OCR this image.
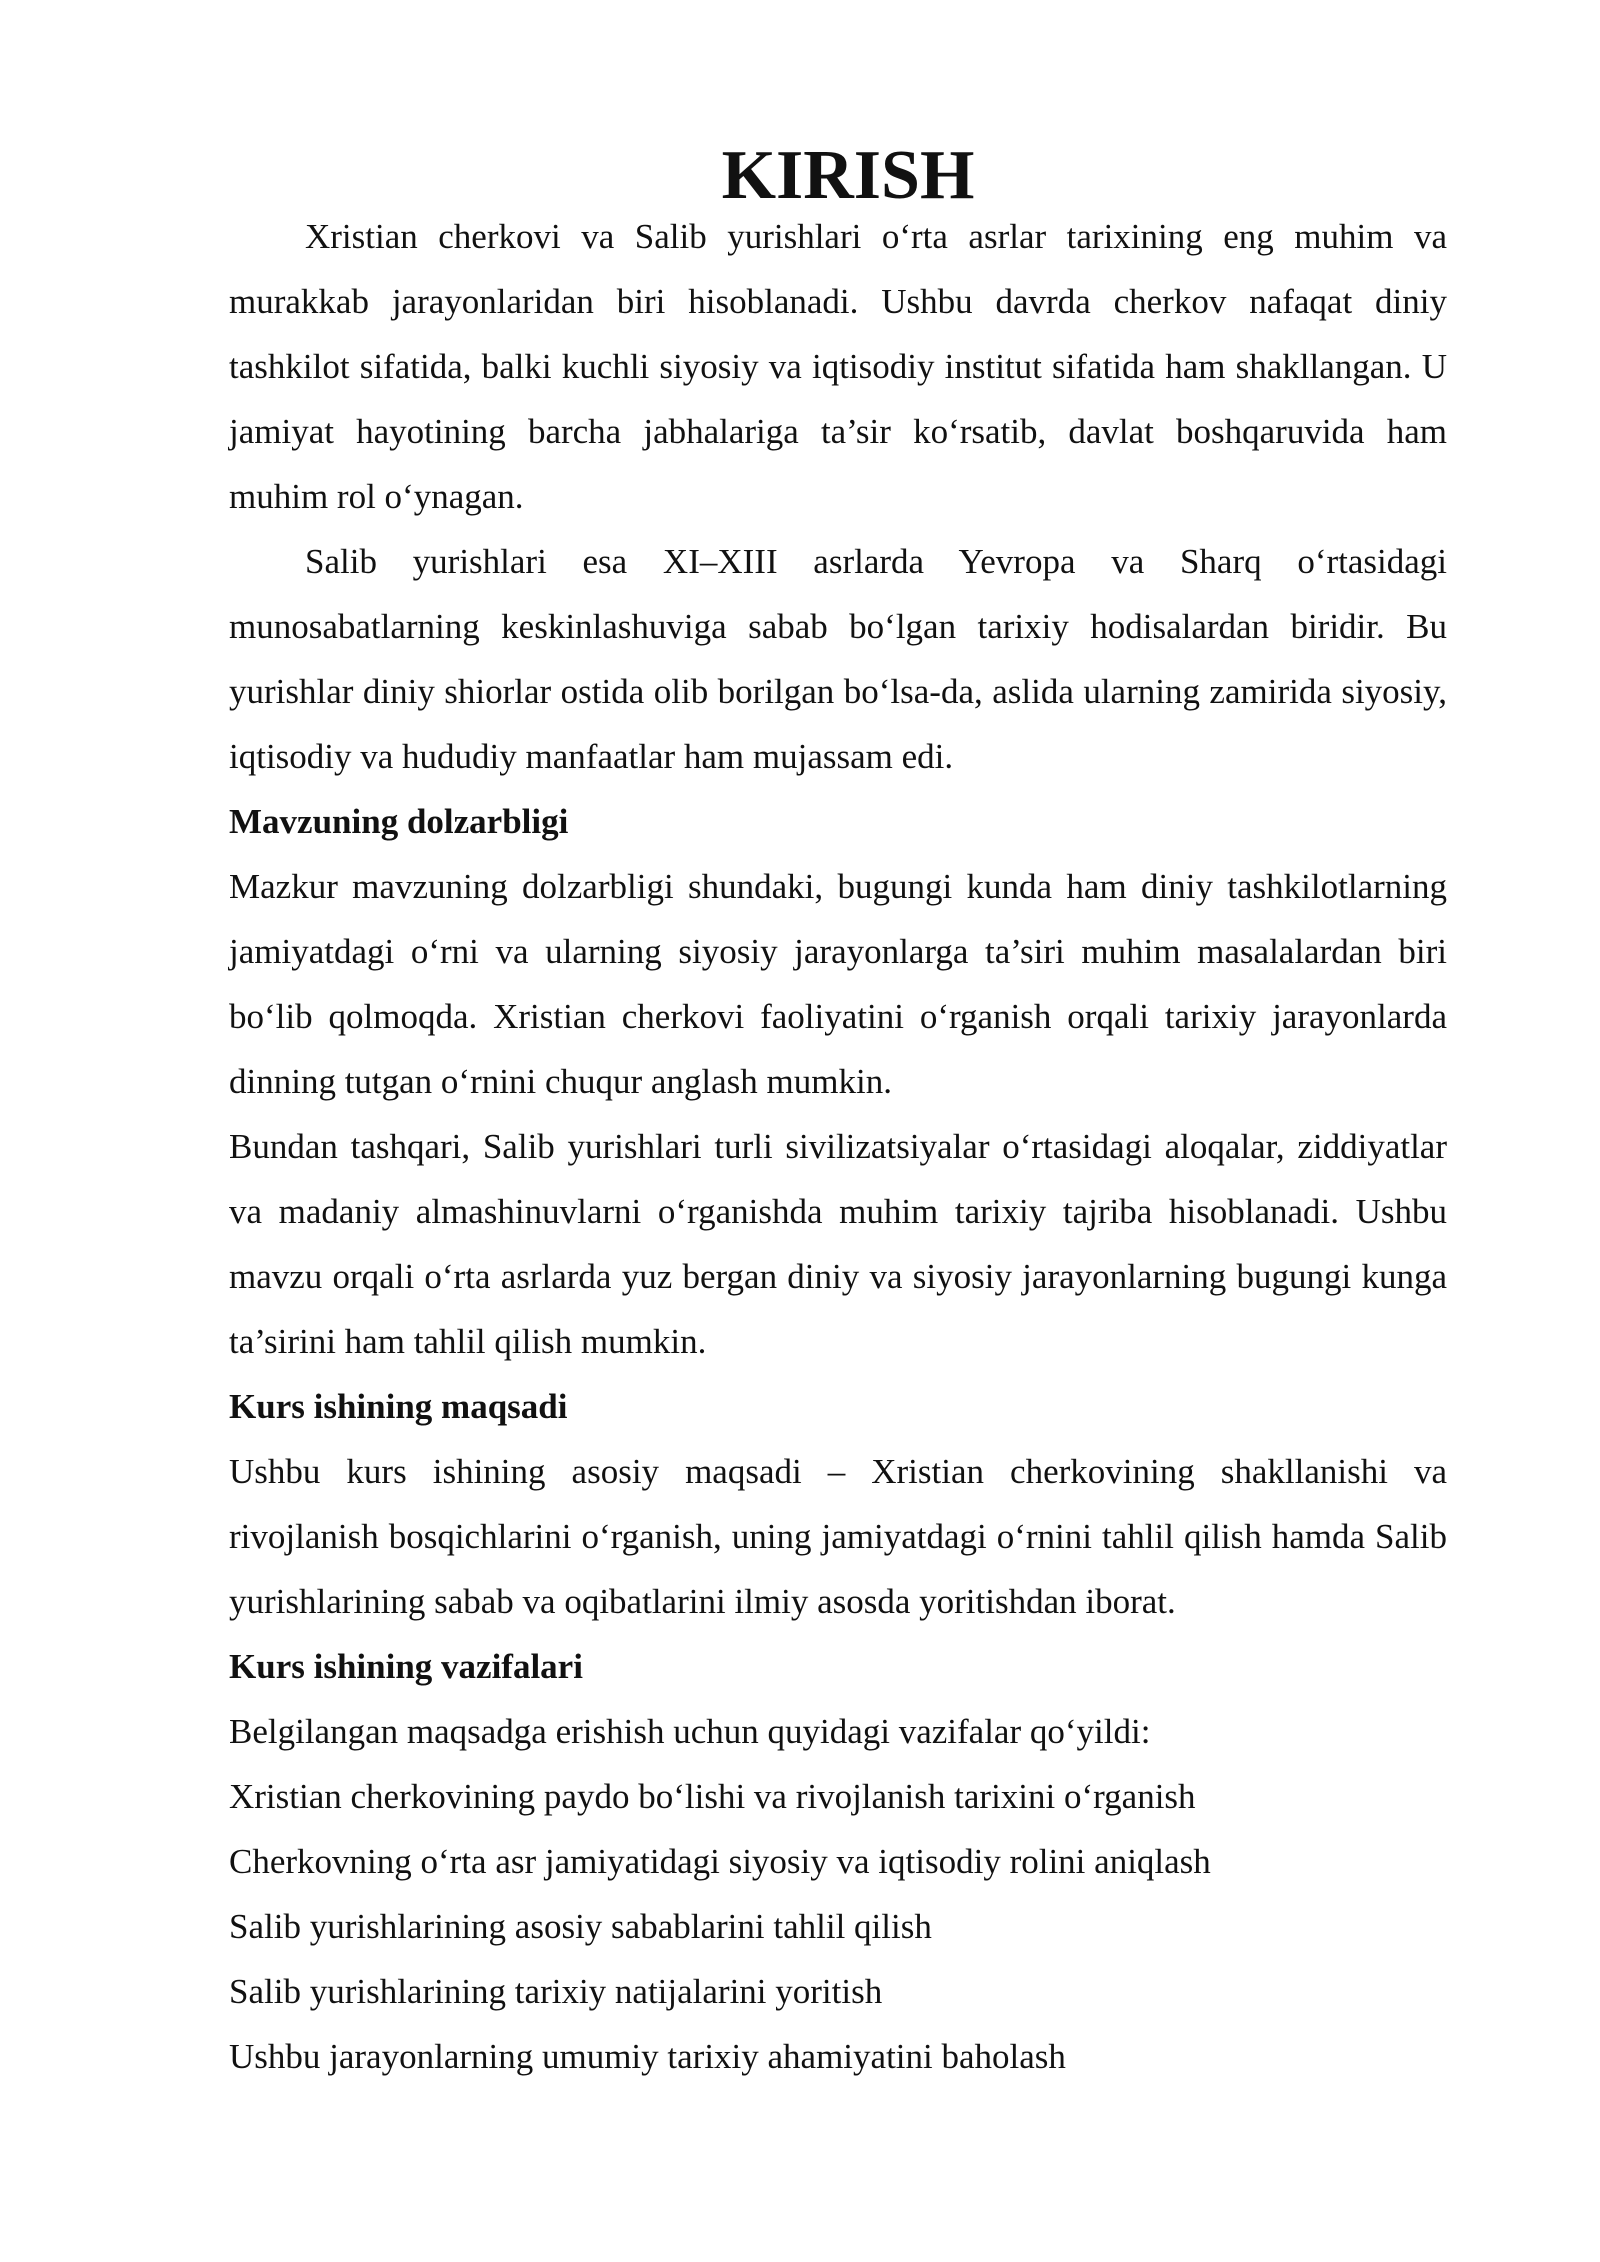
KIRISH

Xristian cherkovi va Salib yurishlari oʻrta asrlar tarixining eng muhim va murakkab jarayonlaridan biri hisoblanadi. Ushbu davrda cherkov nafaqat diniy tashkilot sifatida, balki kuchli siyosiy va iqtisodiy institut sifatida ham shakllangan. U jamiyat hayotining barcha jabhalariga ta’sir koʻrsatib, davlat boshqaruvida ham muhim rol oʻynagan.

Salib yurishlari esa XI–XIII asrlarda Yevropa va Sharq oʻrtasidagi munosabatlarning keskinlashuviga sabab boʻlgan tarixiy hodisalardan biridir. Bu yurishlar diniy shiorlar ostida olib borilgan boʻlsa-da, aslida ularning zamirida siyosiy, iqtisodiy va hududiy manfaatlar ham mujassam edi.

Mavzuning dolzarbligi

Mazkur mavzuning dolzarbligi shundaki, bugungi kunda ham diniy tashkilotlarning jamiyatdagi oʻrni va ularning siyosiy jarayonlarga ta’siri muhim masalalardan biri boʻlib qolmoqda. Xristian cherkovi faoliyatini oʻrganish orqali tarixiy jarayonlarda dinning tutgan oʻrnini chuqur anglash mumkin.

Bundan tashqari, Salib yurishlari turli sivilizatsiyalar oʻrtasidagi aloqalar, ziddiyatlar va madaniy almashinuvlarni oʻrganishda muhim tarixiy tajriba hisoblanadi. Ushbu mavzu orqali oʻrta asrlarda yuz bergan diniy va siyosiy jarayonlarning bugungi kunga ta’sirini ham tahlil qilish mumkin.

Kurs ishining maqsadi

Ushbu kurs ishining asosiy maqsadi – Xristian cherkovining shakllanishi va rivojlanish bosqichlarini oʻrganish, uning jamiyatdagi oʻrnini tahlil qilish hamda Salib yurishlarining sabab va oqibatlarini ilmiy asosda yoritishdan iborat.

Kurs ishining vazifalari

Belgilangan maqsadga erishish uchun quyidagi vazifalar qoʻyildi:

Xristian cherkovining paydo boʻlishi va rivojlanish tarixini oʻrganish

Cherkovning oʻrta asr jamiyatidagi siyosiy va iqtisodiy rolini aniqlash

Salib yurishlarining asosiy sabablarini tahlil qilish

Salib yurishlarining tarixiy natijalarini yoritish

Ushbu jarayonlarning umumiy tarixiy ahamiyatini baholash
